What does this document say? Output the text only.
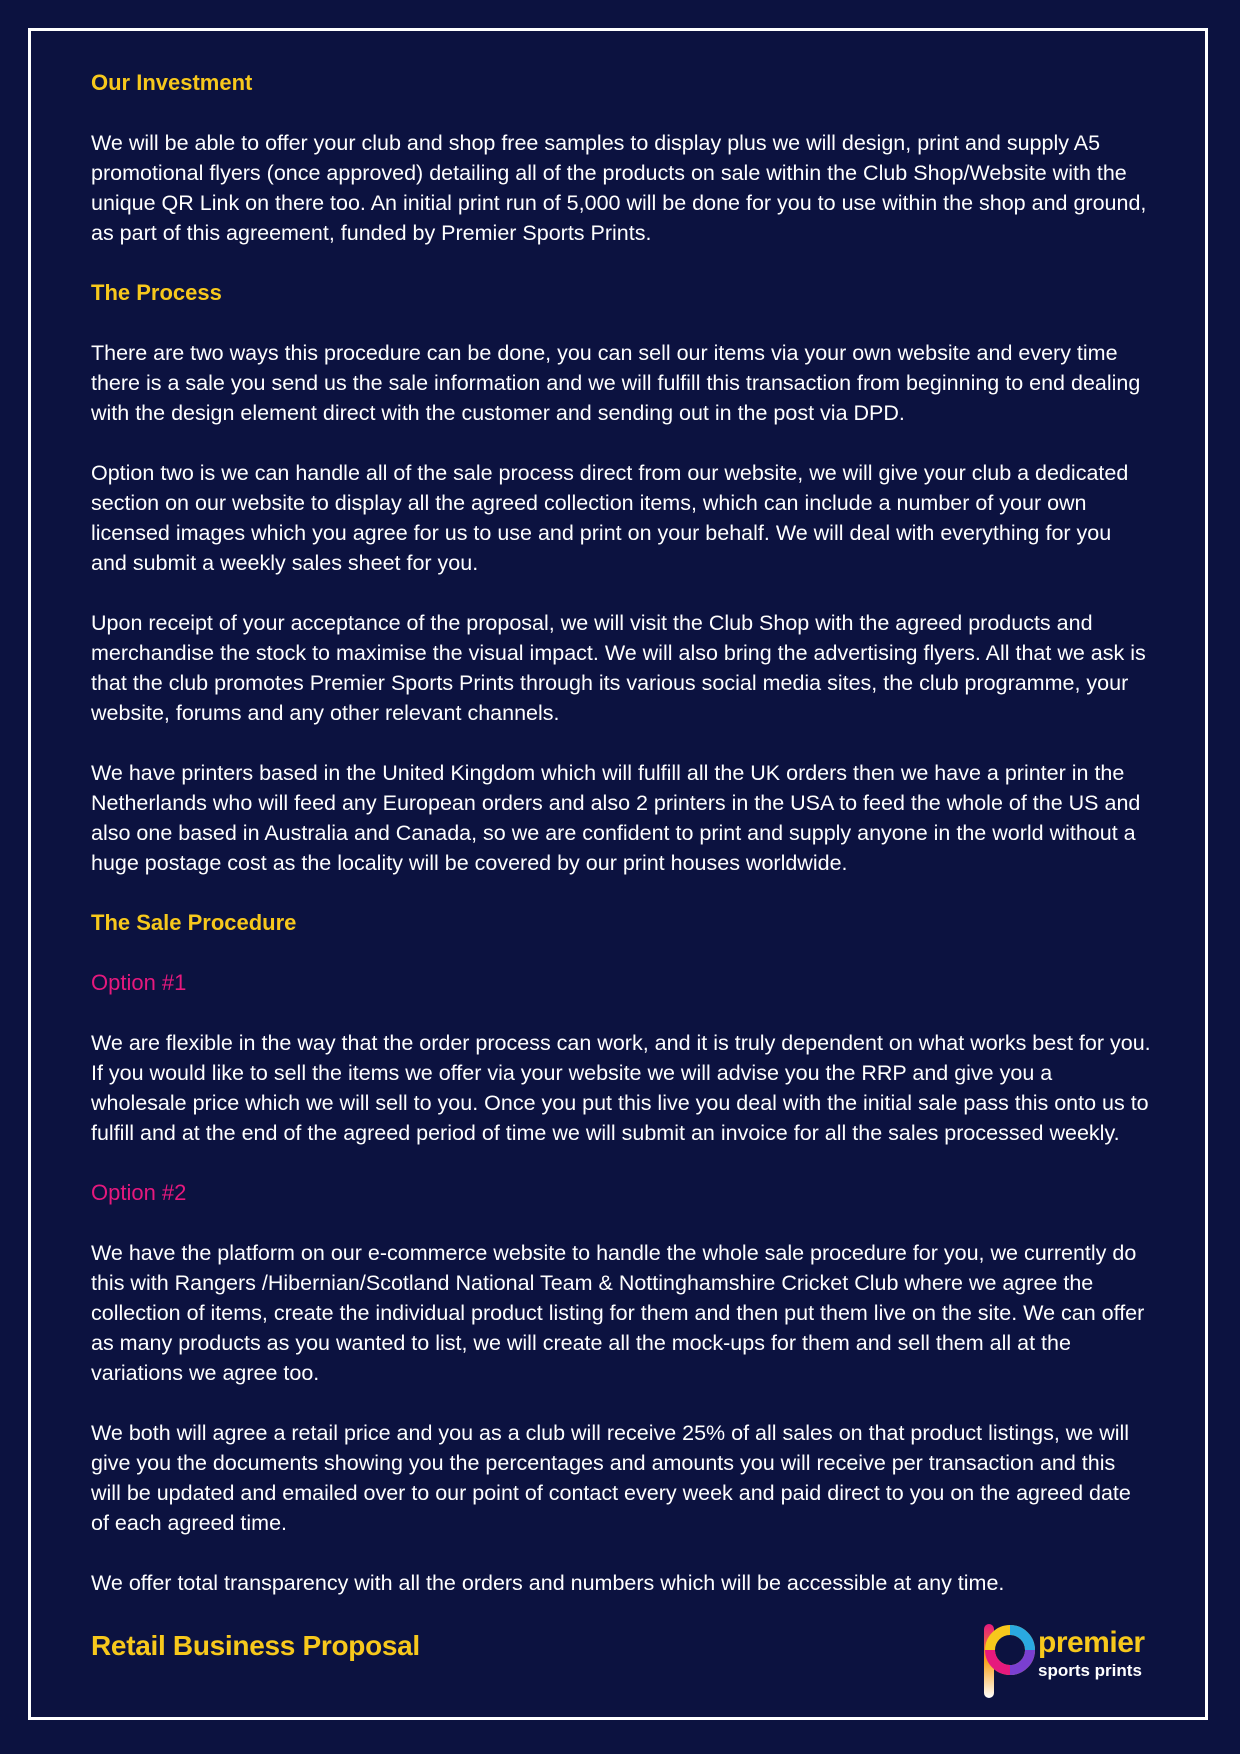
Our Investment

We will be able to offer your club and shop free samples to display plus we will design, print and supply A5 promotional flyers (once approved) detailing all of the products on sale within the Club Shop/Website with the unique QR Link on there too. An initial print run of 5,000 will be done for you to use within the shop and ground, as part of this agreement, funded by Premier Sports Prints.

The Process

There are two ways this procedure can be done, you can sell our items via your own website and every time there is a sale you send us the sale information and we will fulfill this transaction from beginning to end dealing with the design element direct with the customer and sending out in the post via DPD.

Option two is we can handle all of the sale process direct from our website, we will give your club a dedicated section on our website to display all the agreed collection items, which can include a number of your own licensed images which you agree for us to use and print on your behalf. We will deal with everything for you and submit a weekly sales sheet for you.

Upon receipt of your acceptance of the proposal, we will visit the Club Shop with the agreed products and merchandise the stock to maximise the visual impact. We will also bring the advertising flyers. All that we ask is that the club promotes Premier Sports Prints through its various social media sites, the club programme, your website, forums and any other relevant channels.

We have printers based in the United Kingdom which will fulfill all the UK orders then we have a printer in the Netherlands who will feed any European orders and also 2 printers in the USA to feed the whole of the US and also one based in Australia and Canada, so we are confident to print and supply anyone in the world without a huge postage cost as the locality will be covered by our print houses worldwide.

The Sale Procedure
Option #1

We are flexible in the way that the order process can work, and it is truly dependent on what works best for you. If you would like to sell the items we offer via your website we will advise you the RRP and give you a wholesale price which we will sell to you. Once you put this live you deal with the initial sale pass this onto us to fulfill and at the end of the agreed period of time we will submit an invoice for all the sales processed weekly.

Option #2

We have the platform on our e-commerce website to handle the whole sale procedure for you, we currently do this with Rangers /Hibernian/Scotland National Team & Nottinghamshire Cricket Club where we agree the collection of items, create the individual product listing for them and then put them live on the site. We can offer as many products as you wanted to list, we will create all the mock-ups for them and sell them all at the variations we agree too.

We both will agree a retail price and you as a club will receive 25% of all sales on that product listings, we will give you the documents showing you the percentages and amounts you will receive per transaction and this will be updated and emailed over to our point of contact every week and paid direct to you on the agreed date of each agreed time.

We offer total transparency with all the orders and numbers which will be accessible at any time.

Retail Business Proposal	premier
sports prints
